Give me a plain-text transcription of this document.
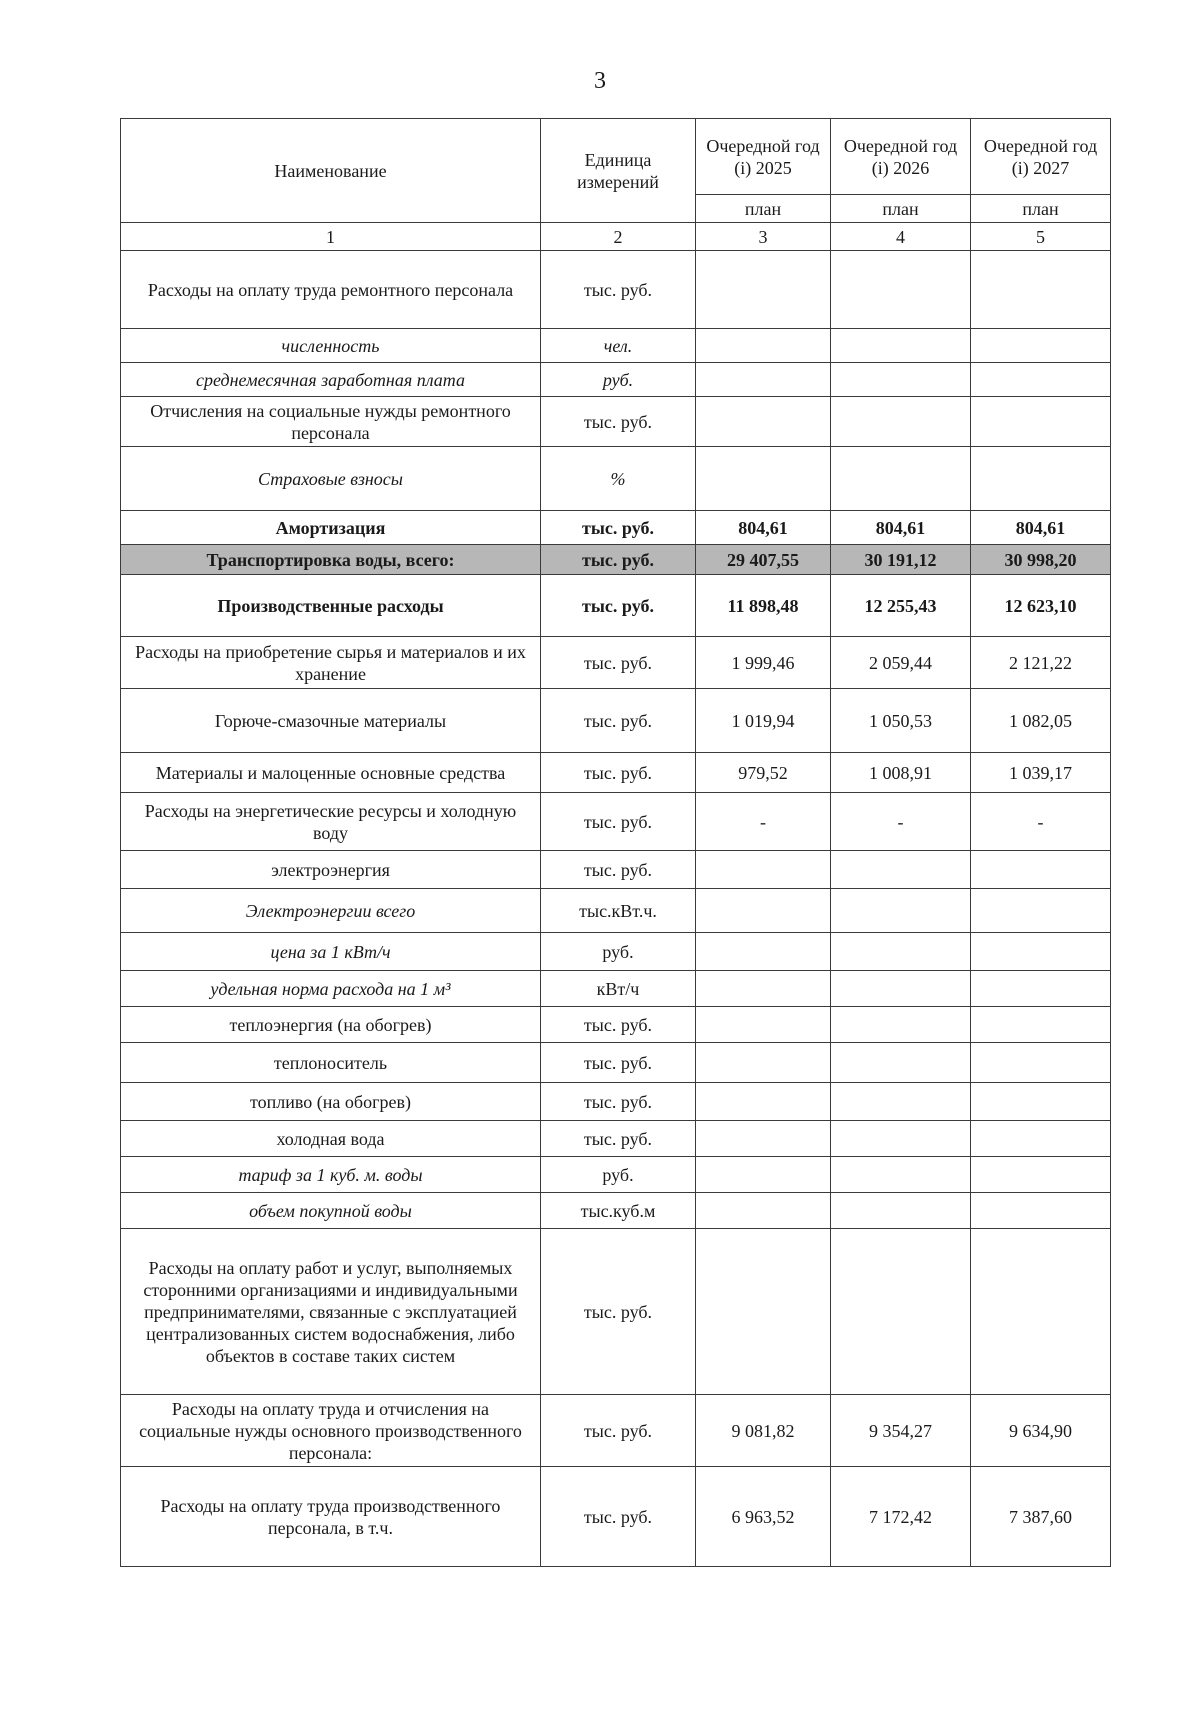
3
Наименование	Единица измерений	Очередной год (i) 2025	Очередной год (i) 2026	Очередной год (i) 2027
		план	план	план
1	2	3	4	5
Расходы на оплату труда ремонтного персонала	тыс. руб.			
численность	чел.			
среднемесячная заработная плата	руб.			
Отчисления на социальные нужды ремонтного персонала	тыс. руб.			
Страховые взносы	%			
Амортизация	тыс. руб.	804,61	804,61	804,61
Транспортировка воды, всего:	тыс. руб.	29 407,55	30 191,12	30 998,20
Производственные расходы	тыс. руб.	11 898,48	12 255,43	12 623,10
Расходы на приобретение сырья и материалов и их хранение	тыс. руб.	1 999,46	2 059,44	2 121,22
Горюче-смазочные материалы	тыс. руб.	1 019,94	1 050,53	1 082,05
Материалы и малоценные основные средства	тыс. руб.	979,52	1 008,91	1 039,17
Расходы на энергетические ресурсы и холодную воду	тыс. руб.	-	-	-
электроэнергия	тыс. руб.			
Электроэнергии всего	тыс.кВт.ч.			
цена за 1 кВт/ч	руб.			
удельная норма расхода на 1 м³	кВт/ч			
теплоэнергия (на обогрев)	тыс. руб.			
теплоноситель	тыс. руб.			
топливо (на обогрев)	тыс. руб.			
холодная вода	тыс. руб.			
тариф за 1 куб. м. воды	руб.			
объем покупной воды	тыс.куб.м			
Расходы на оплату работ и услуг, выполняемых сторонними организациями и индивидуальными предпринимателями, связанные с эксплуатацией централизованных систем водоснабжения, либо объектов в составе таких систем	тыс. руб.			
Расходы на оплату труда и отчисления на социальные нужды основного производственного персонала:	тыс. руб.	9 081,82	9 354,27	9 634,90
Расходы на оплату труда производственного персонала, в т.ч.	тыс. руб.	6 963,52	7 172,42	7 387,60
